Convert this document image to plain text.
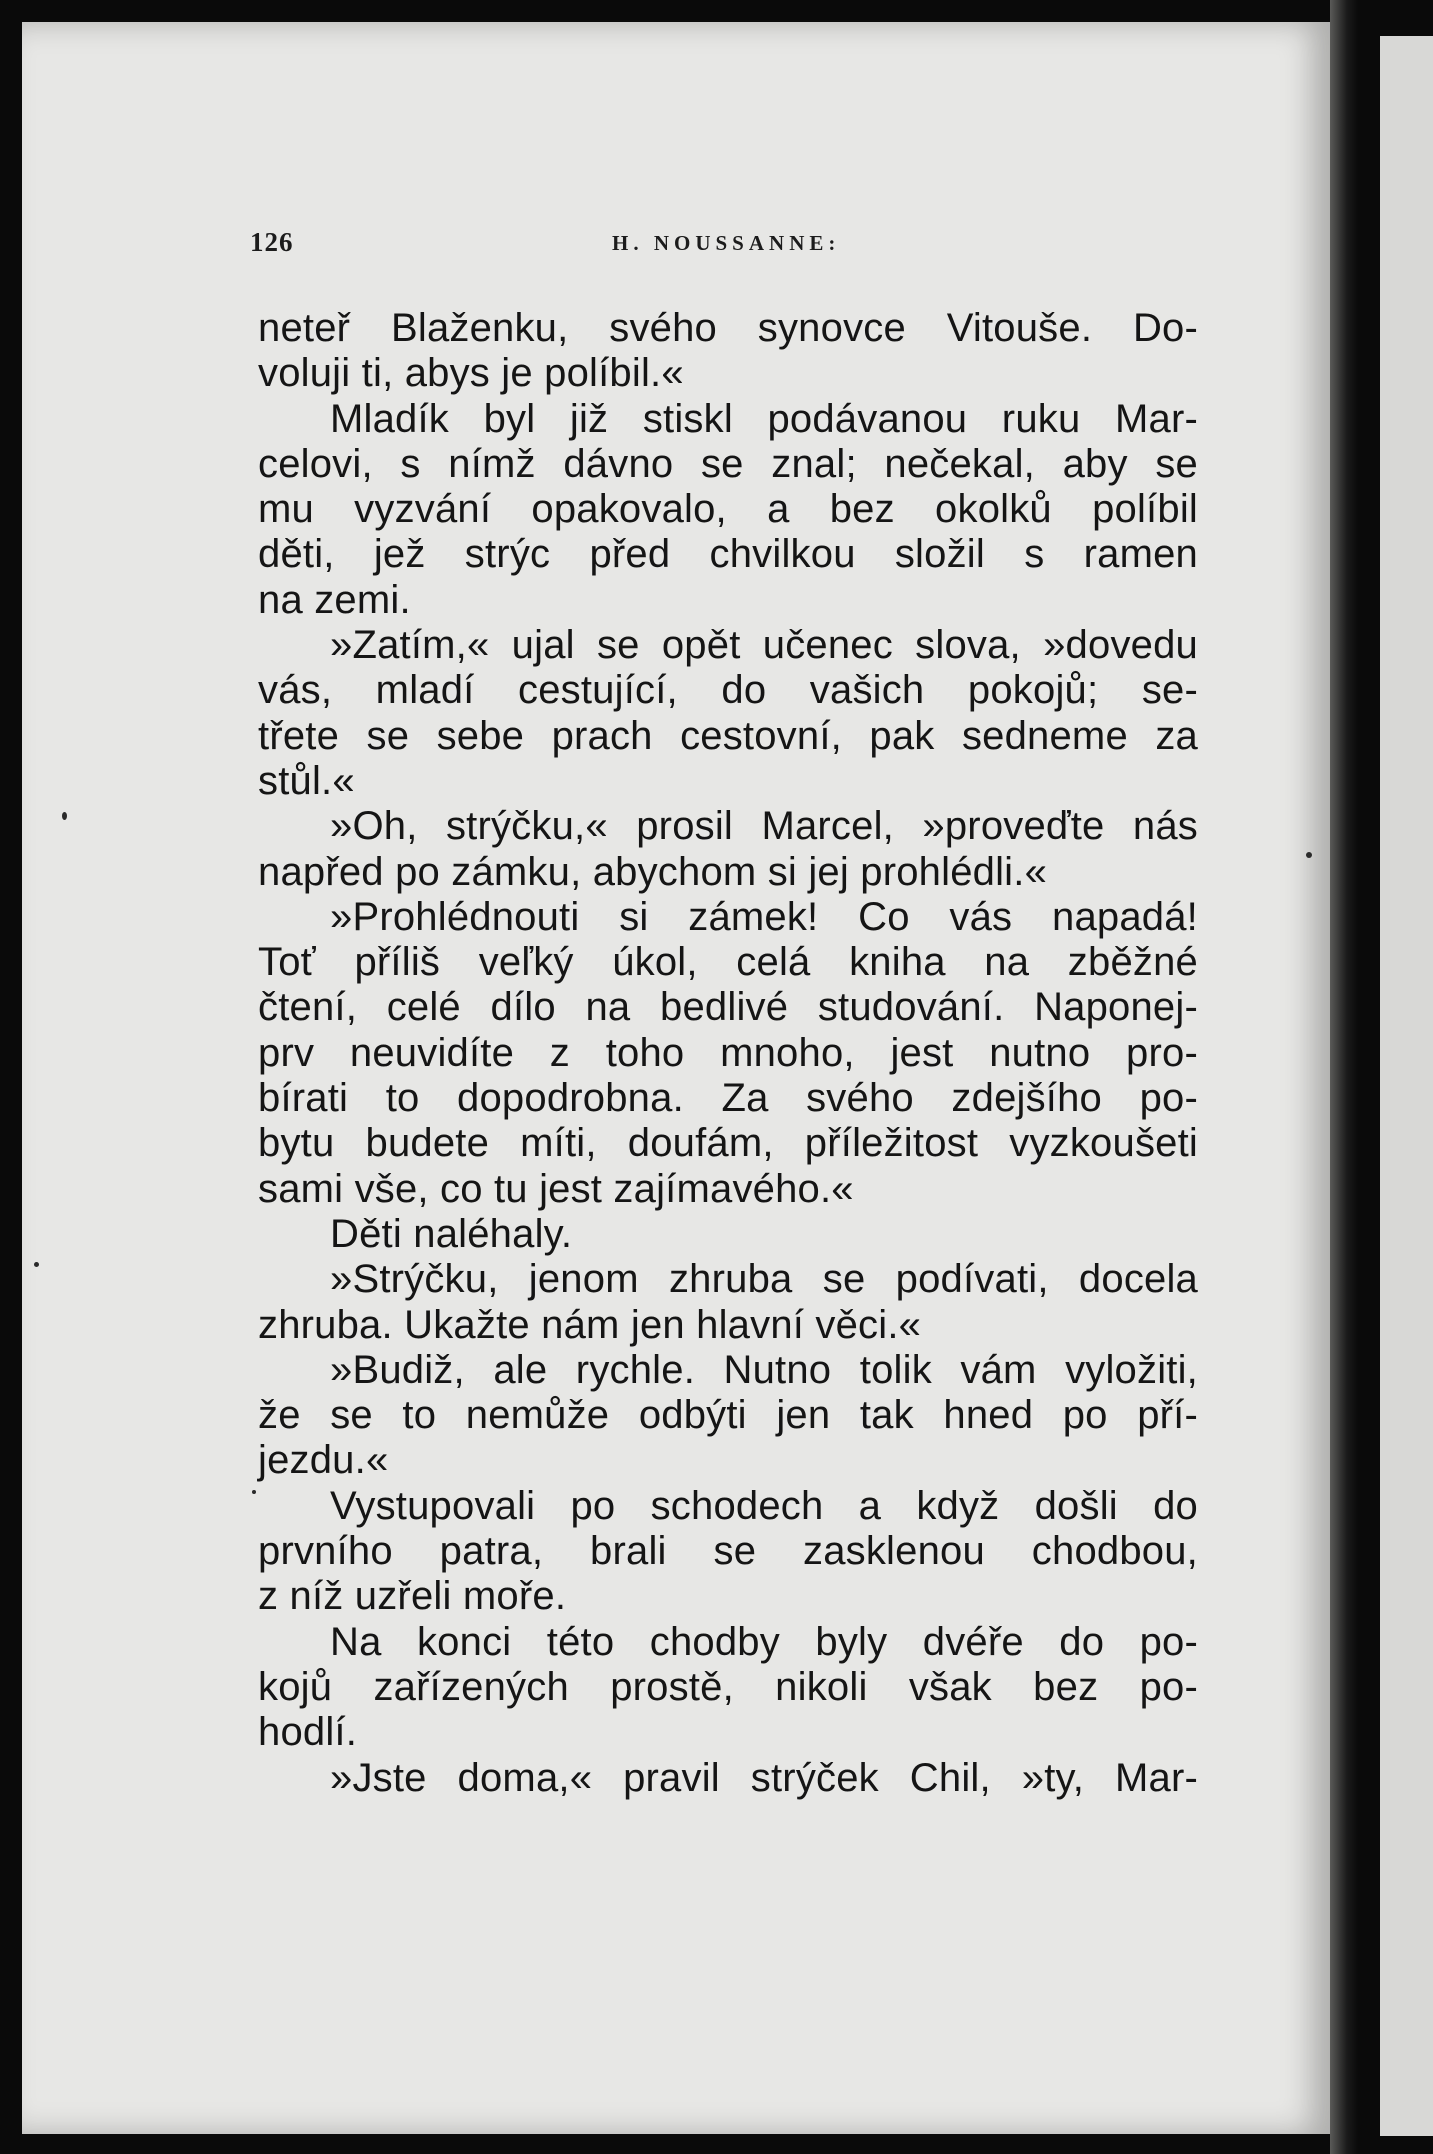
126	H. NOUSSANNE:
neteř Blaženku, svého synovce Vitouše. Do-
voluji ti, abys je políbil.«
Mladík byl již stiskl podávanou ruku Mar-
celovi, s nímž dávno se znal; nečekal, aby se
mu vyzvání opakovalo, a bez okolků políbil
děti, jež strýc před chvilkou složil s ramen
na zemi.
»Zatím,« ujal se opět učenec slova, »dovedu
vás, mladí cestující, do vašich pokojů; se-
třete se sebe prach cestovní, pak sedneme za
stůl.«
»Oh, strýčku,« prosil Marcel, »proveďte nás
napřed po zámku, abychom si jej prohlédli.«
»Prohlédnouti si zámek! Co vás napadá!
Toť příliš veľký úkol, celá kniha na zběžné
čtení, celé dílo na bedlivé studování. Naponej-
prv neuvidíte z toho mnoho, jest nutno pro-
bírati to dopodrobna. Za svého zdejšího po-
bytu budete míti, doufám, příležitost vyzkoušeti
sami vše, co tu jest zajímavého.«
Děti naléhaly.
»Strýčku, jenom zhruba se podívati, docela
zhruba. Ukažte nám jen hlavní věci.«
»Budiž, ale rychle. Nutno tolik vám vyložiti,
že se to nemůže odbýti jen tak hned po pří-
jezdu.«
Vystupovali po schodech a když došli do
prvního patra, brali se zasklenou chodbou,
z níž uzřeli moře.
Na konci této chodby byly dvéře do po-
kojů zařízených prostě, nikoli však bez po-
hodlí.
»Jste doma,« pravil strýček Chil, »ty, Mar-
